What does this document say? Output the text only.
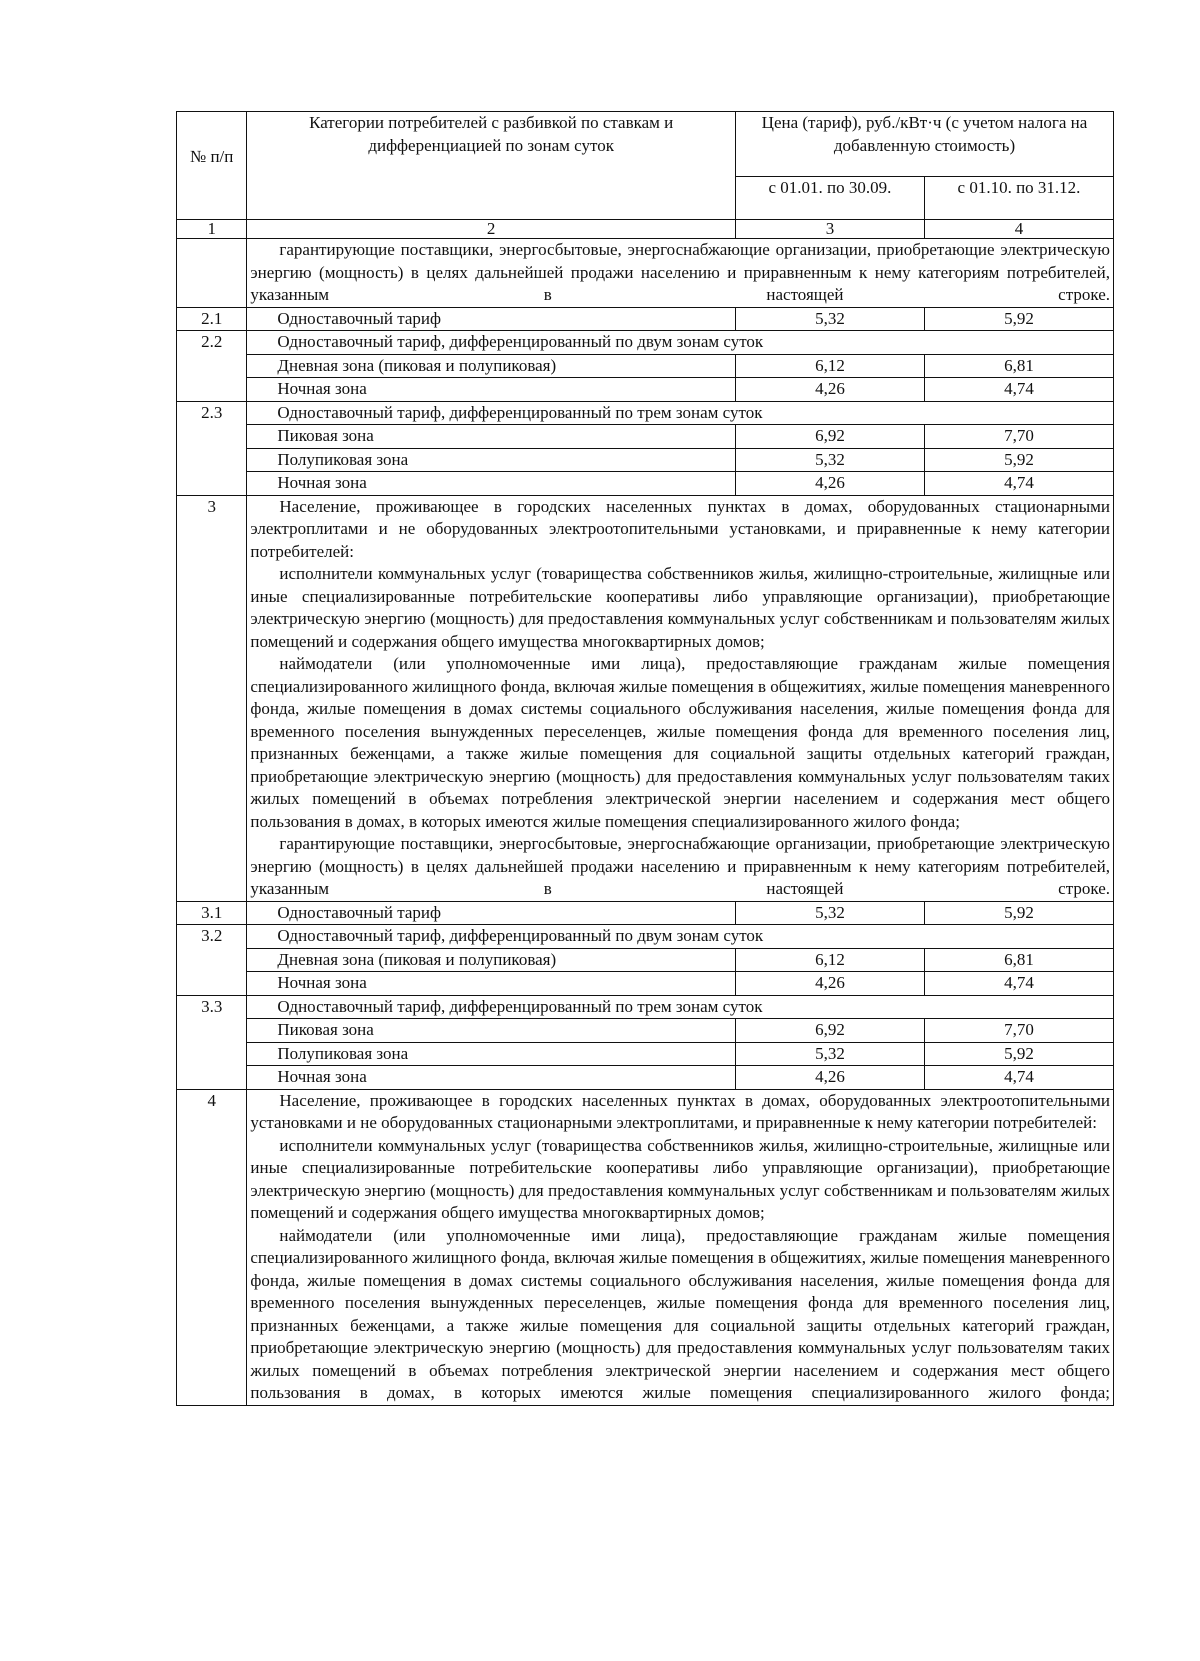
№ п/п	Категории потребителей с разбивкой по ставкам и дифференциацией по зонам суток	Цена (тариф), руб./кВт·ч (с учетом налога на добавленную стоимость)	
		с 01.01. по 30.09.	с 01.10. по 31.12.
1	2	3	4

	гарантирующие поставщики, энергосбытовые, энергоснабжающие организации, приобретающие электрическую энергию (мощность) в целях дальнейшей продажи населению и приравненным к нему категориям потребителей, указанным в настоящей строке.		

2.1	Одноставочный тариф	5,32	5,92
2.2	Одноставочный тариф, дифференцированный по двум зонам суток		
	Дневная зона (пиковая и полупиковая)	6,12	6,81
	Ночная зона	4,26	4,74
2.3	Одноставочный тариф, дифференцированный по трем зонам суток		
	Пиковая зона	6,92	7,70
	Полупиковая зона	5,32	5,92
	Ночная зона	4,26	4,74
3	Население, проживающее в городских населенных пунктах в домах, оборудованных стационарными электроплитами и не оборудованных электроотопительными установками, и приравненные к нему категории потребителей:

исполнители коммунальных услуг (товарищества собственников жилья, жилищно-строительные, жилищные или иные специализированные потребительские кооперативы либо управляющие организации), приобретающие электрическую энергию (мощность) для предоставления коммунальных услуг собственникам и пользователям жилых помещений и содержания общего имущества многоквартирных домов;

наймодатели (или уполномоченные ими лица), предоставляющие гражданам жилые помещения специализированного жилищного фонда, включая жилые помещения в общежитиях, жилые помещения маневренного фонда, жилые помещения в домах системы социального обслуживания населения, жилые помещения фонда для временного поселения вынужденных переселенцев, жилые помещения фонда для временного поселения лиц, признанных беженцами, а также жилые помещения для социальной защиты отдельных категорий граждан, приобретающие электрическую энергию (мощность) для предоставления коммунальных услуг пользователям таких жилых помещений в объемах потребления электрической энергии населением и содержания мест общего пользования в домах, в которых имеются жилые помещения специализированного жилого фонда;

гарантирующие поставщики, энергосбытовые, энергоснабжающие организации, приобретающие электрическую энергию (мощность) в целях дальнейшей продажи населению и приравненным к нему категориям потребителей, указанным в настоящей строке.		

3.1	Одноставочный тариф	5,32	5,92
3.2	Одноставочный тариф, дифференцированный по двум зонам суток		
	Дневная зона (пиковая и полупиковая)	6,12	6,81
	Ночная зона	4,26	4,74
3.3	Одноставочный тариф, дифференцированный по трем зонам суток		
	Пиковая зона	6,92	7,70
	Полупиковая зона	5,32	5,92
	Ночная зона	4,26	4,74
4	Население, проживающее в городских населенных пунктах в домах, оборудованных электроотопительными установками и не оборудованных стационарными электроплитами, и приравненные к нему категории потребителей:

исполнители коммунальных услуг (товарищества собственников жилья, жилищно-строительные, жилищные или иные специализированные потребительские кооперативы либо управляющие организации), приобретающие электрическую энергию (мощность) для предоставления коммунальных услуг собственникам и пользователям жилых помещений и содержания общего имущества многоквартирных домов;

наймодатели (или уполномоченные ими лица), предоставляющие гражданам жилые помещения специализированного жилищного фонда, включая жилые помещения в общежитиях, жилые помещения маневренного фонда, жилые помещения в домах системы социального обслуживания населения, жилые помещения фонда для временного поселения вынужденных переселенцев, жилые помещения фонда для временного поселения лиц, признанных беженцами, а также жилые помещения для социальной защиты отдельных категорий граждан, приобретающие электрическую энергию (мощность) для предоставления коммунальных услуг пользователям таких жилых помещений в объемах потребления электрической энергии населением и содержания мест общего пользования в домах, в которых имеются жилые помещения специализированного жилого фонда;		
